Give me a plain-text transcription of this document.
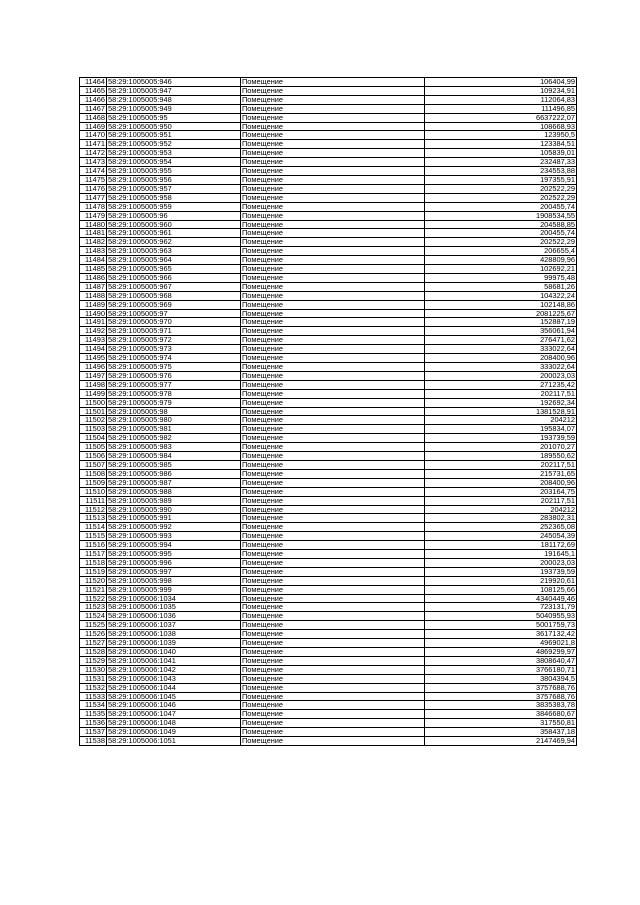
11464	58:29:1005005:946	Помещение	106404,99
11465	58:29:1005005:947	Помещение	109234,91
11466	58:29:1005005:948	Помещение	112064,83
11467	58:29:1005005:949	Помещение	111496,85
11468	58:29:1005005:95	Помещение	6637222,07
11469	58:29:1005005:950	Помещение	108668,93
11470	58:29:1005005:951	Помещение	123950,5
11471	58:29:1005005:952	Помещение	123384,51
11472	58:29:1005005:953	Помещение	105839,01
11473	58:29:1005005:954	Помещение	232487,33
11474	58:29:1005005:955	Помещение	234553,88
11475	58:29:1005005:956	Помещение	197355,91
11476	58:29:1005005:957	Помещение	202522,29
11477	58:29:1005005:958	Помещение	202522,29
11478	58:29:1005005:959	Помещение	200455,74
11479	58:29:1005005:96	Помещение	1908534,55
11480	58:29:1005005:960	Помещение	204588,85
11481	58:29:1005005:961	Помещение	200455,74
11482	58:29:1005005:962	Помещение	202522,29
11483	58:29:1005005:963	Помещение	206655,4
11484	58:29:1005005:964	Помещение	428809,96
11485	58:29:1005005:965	Помещение	102692,21
11486	58:29:1005005:966	Помещение	99975,48
11487	58:29:1005005:967	Помещение	58681,26
11488	58:29:1005005:968	Помещение	104322,24
11489	58:29:1005005:969	Помещение	102148,86
11490	58:29:1005005:97	Помещение	2081225,67
11491	58:29:1005005:970	Помещение	152887,19
11492	58:29:1005005:971	Помещение	356061,94
11493	58:29:1005005:972	Помещение	276471,62
11494	58:29:1005005:973	Помещение	333022,64
11495	58:29:1005005:974	Помещение	208400,96
11496	58:29:1005005:975	Помещение	333022,64
11497	58:29:1005005:976	Помещение	200023,03
11498	58:29:1005005:977	Помещение	271235,42
11499	58:29:1005005:978	Помещение	202117,51
11500	58:29:1005005:979	Помещение	192692,34
11501	58:29:1005005:98	Помещение	1381528,91
11502	58:29:1005005:980	Помещение	204212
11503	58:29:1005005:981	Помещение	195834,07
11504	58:29:1005005:982	Помещение	193739,59
11505	58:29:1005005:983	Помещение	201070,27
11506	58:29:1005005:984	Помещение	189550,62
11507	58:29:1005005:985	Помещение	202117,51
11508	58:29:1005005:986	Помещение	215731,65
11509	58:29:1005005:987	Помещение	208400,96
11510	58:29:1005005:988	Помещение	203164,75
11511	58:29:1005005:989	Помещение	202117,51
11512	58:29:1005005:990	Помещение	204212
11513	58:29:1005005:991	Помещение	283802,31
11514	58:29:1005005:992	Помещение	252365,08
11515	58:29:1005005:993	Помещение	245054,39
11516	58:29:1005005:994	Помещение	181172,69
11517	58:29:1005005:995	Помещение	191645,1
11518	58:29:1005005:996	Помещение	200023,03
11519	58:29:1005005:997	Помещение	193739,59
11520	58:29:1005005:998	Помещение	219920,61
11521	58:29:1005005:999	Помещение	108125,66
11522	58:29:1005006:1034	Помещение	4340449,46
11523	58:29:1005006:1035	Помещение	723131,79
11524	58:29:1005006:1036	Помещение	5040955,93
11525	58:29:1005006:1037	Помещение	5001759,73
11526	58:29:1005006:1038	Помещение	3617132,42
11527	58:29:1005006:1039	Помещение	4969021,8
11528	58:29:1005006:1040	Помещение	4869299,97
11529	58:29:1005006:1041	Помещение	3808640,47
11530	58:29:1005006:1042	Помещение	3766180,71
11531	58:29:1005006:1043	Помещение	3804394,5
11532	58:29:1005006:1044	Помещение	3757688,76
11533	58:29:1005006:1045	Помещение	3757688,76
11534	58:29:1005006:1046	Помещение	3835383,78
11535	58:29:1005006:1047	Помещение	3846680,67
11536	58:29:1005006:1048	Помещение	317550,81
11537	58:29:1005006:1049	Помещение	358437,18
11538	58:29:1005006:1051	Помещение	2147469,94
